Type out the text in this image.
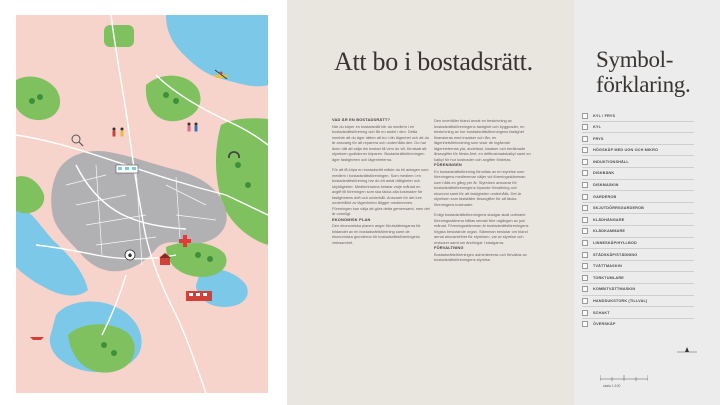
Att bo i bostadsrätt.
VAD ÄR EN BOSTADSRÄTT?
När du köper en bostadsrätt blir du medlem i en bostadsrättsförening och får en andel i den. Detta innebär att du äger rätten att bo i din lägenhet och att du är ansvarig för att reparera och underhålla den. Du har även rätt att sälja din bostad till vem du vill, förutsatt att styrelsen godkänner köparen. Bostadsrättsföreningen äger fastigheten och lägenheterna.
För att få köpa en bostadsrätt måste du bli antagen som medlem i bostadsrättsföreningen. Som medlem i en bostadsrättsförening har du ett antal rättigheter och skyldigheter. Medlemmarna betalar varje månad en avgift till föreningen som ska täcka alla kostnader för fastighetens drift och underhåll. Ansvaret för det inre underhållet av lägenheten åligger medlemmen. Föreningen kan välja att göra detta gemensamt, men det är ovanligt.
EKONOMISK PLAN
Den ekonomiska planen anger förutsättningarna för bildandet av en bostadsrättsförening samt de ekonomiska grunderna för bostadsrättsföreningens verksamhet.
Den innehåller bland annat en beskrivning av bostadsrättsföreningens fastighet och byggnader, en beskrivning av hur bostadsrättsföreningens fastighet finansieras med insatser och lån, en lägenhetsförteckning som visar de ingående lägenheternas yta, andelstal, insatser och beräknade årsavgifter för första året, en driftkostnadskalkyl samt en kalkyl för hur kostnader och avgifter fördelas.
FÖRENINGEN
En bostadsrättsförening förvaltas av en styrelse som föreningens medlemmar väljer vid föreningsstämman som hålls en gång per år. Styrelsen ansvarar för bostadsrättsföreningens löpande förvaltning och ekonomi samt för att fastigheten underhålls. Det är styrelsen som fastställer årsavgifter för att täcka föreningens kostnader.
Enligt bostadsrättsföreningens stadgar skall ordinarie föreningsstämma hållas senast före utgången av juni månad. Föreningsstämman är bostadsrättsföreningens högsta beslutande organ. Stämman beslutar om bland annat ansvarsfrihet för styrelsen, val av styrelse och revisorer samt om ändringar i stadgarna.
FÖRVALTNING
Bostadsrättsföreningen administreras och förvaltas av bostadsrättsföreningens styrelse.
Symbol-
förklaring.
KYL / FRYS
KYL
FRYS
HÖGSKÅP MED UGN OCH MIKRO
INDUKTIONSHÄLL
DISKBÄNK
DISKMASKIN
GARDEROB
SKJUTDÖRRSGARDEROB
KLÄDHÄNGARE
KLÄDKAMMARE
LINNESKÅP/HYLLBOD
STÄDSKÅP/STÄDNING
TVÄTTMASKIN
TORKTUMLARE
KOMBITVÄTTMASKIN
HANDDUKSTORK (TILLVAL)
SCHAKT
ÖVERSKÅP
skala 1:100
